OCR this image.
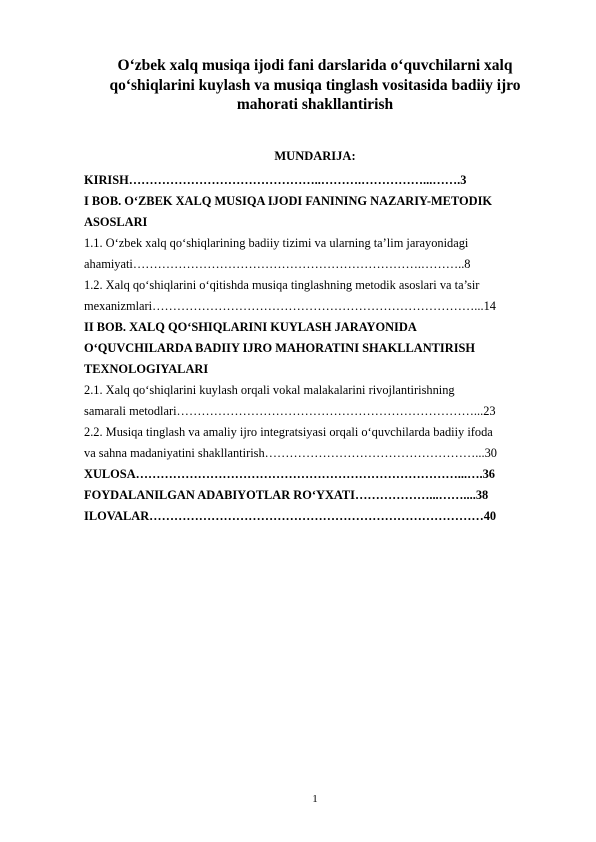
O‘zbek xalq musiqa ijodi fani darslarida o‘quvchilarni xalq
qo‘shiqlarini kuylash va musiqa tinglash vositasida badiiy ijro
mahorati shakllantirish
MUNDARIJA:
KIRISH………………………………………..……….……………...…….3
I BOB. O‘ZBEK XALQ MUSIQA IJODI FANINING NAZARIY-METODIK
ASOSLARI
1.1. O‘zbek xalq qo‘shiqlarining badiiy tizimi va ularning ta’lim jarayonidagi
ahamiyati…………………………………………………………….………..8
1.2. Xalq qo‘shiqlarini o‘qitishda musiqa tinglashning metodik asoslari va ta’sir
mexanizmlari……………………………………………………………………...14
II BOB. XALQ QO‘SHIQLARINI KUYLASH JARAYONIDA
O‘QUVCHILARDA BADIIY IJRO MAHORATINI SHAKLLANTIRISH
TEXNOLOGIYALARI
2.1. Xalq qo‘shiqlarini kuylash orqali vokal malakalarini rivojlantirishning
samarali metodlari………………………………………………………………...23
2.2. Musiqa tinglash va amaliy ijro integratsiyasi orqali o‘quvchilarda badiiy ifoda
va sahna madaniyatini shakllantirish……………………………………………...30
XULOSA……………………………………………………………………...….36
FOYDALANILGAN ADABIYOTLAR RO‘YXATI………………...……....38
ILOVALAR………………………………………………………………………40
1
